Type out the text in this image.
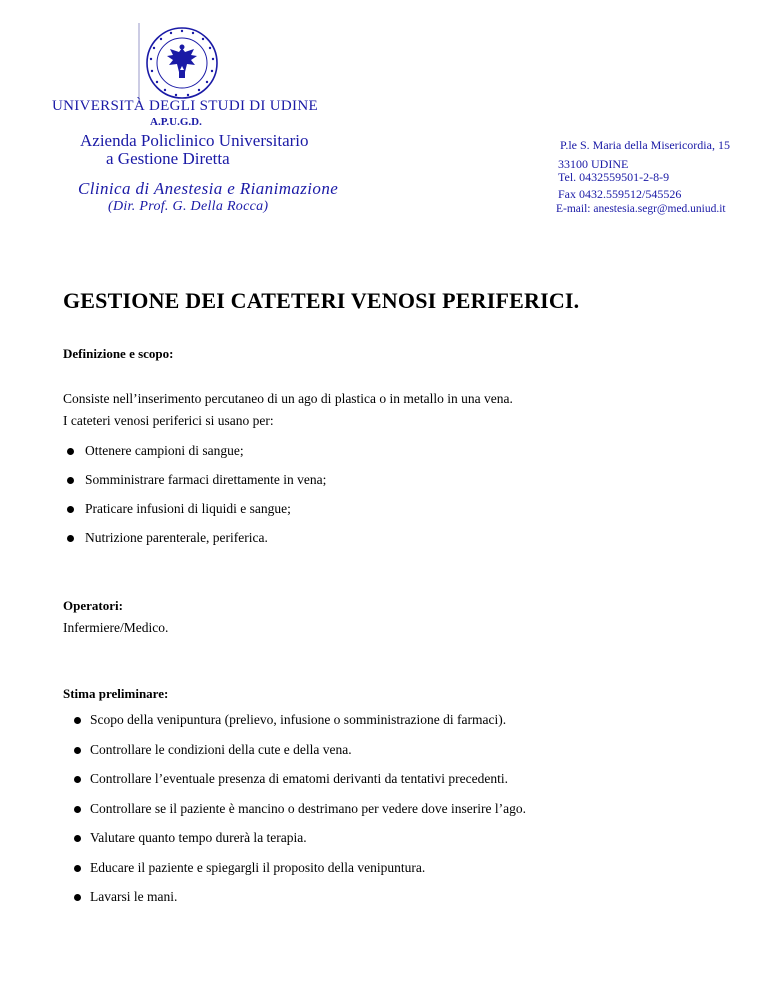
UNIVERSITÀ DEGLI STUDI DI UDINE
A.P.U.G.D.
Azienda Policlinico Universitario
a Gestione Diretta
Clinica di Anestesia e Rianimazione
(Dir. Prof. G. Della Rocca)
P.le S. Maria della Misericordia, 15
33100 UDINE
Tel. 0432559501-2-8-9
Fax 0432.559512/545526
E-mail: anestesia.segr@med.uniud.it
GESTIONE DEI CATETERI VENOSI PERIFERICI.
Definizione e scopo:
Consiste nell’inserimento percutaneo di un ago di plastica o in metallo in una vena.
I cateteri venosi periferici si usano per:
Ottenere campioni di sangue;
Somministrare farmaci direttamente in vena;
Praticare infusioni di liquidi e sangue;
Nutrizione parenterale, periferica.
Operatori:
Infermiere/Medico.
Stima preliminare:
Scopo della venipuntura (prelievo, infusione o somministrazione di farmaci).
Controllare le condizioni della cute e della vena.
Controllare l’eventuale presenza di ematomi derivanti da tentativi precedenti.
Controllare se il paziente è mancino o destrimano per vedere dove inserire l’ago.
Valutare quanto tempo durerà la terapia.
Educare il paziente e spiegargli il proposito della venipuntura.
Lavarsi le mani.
